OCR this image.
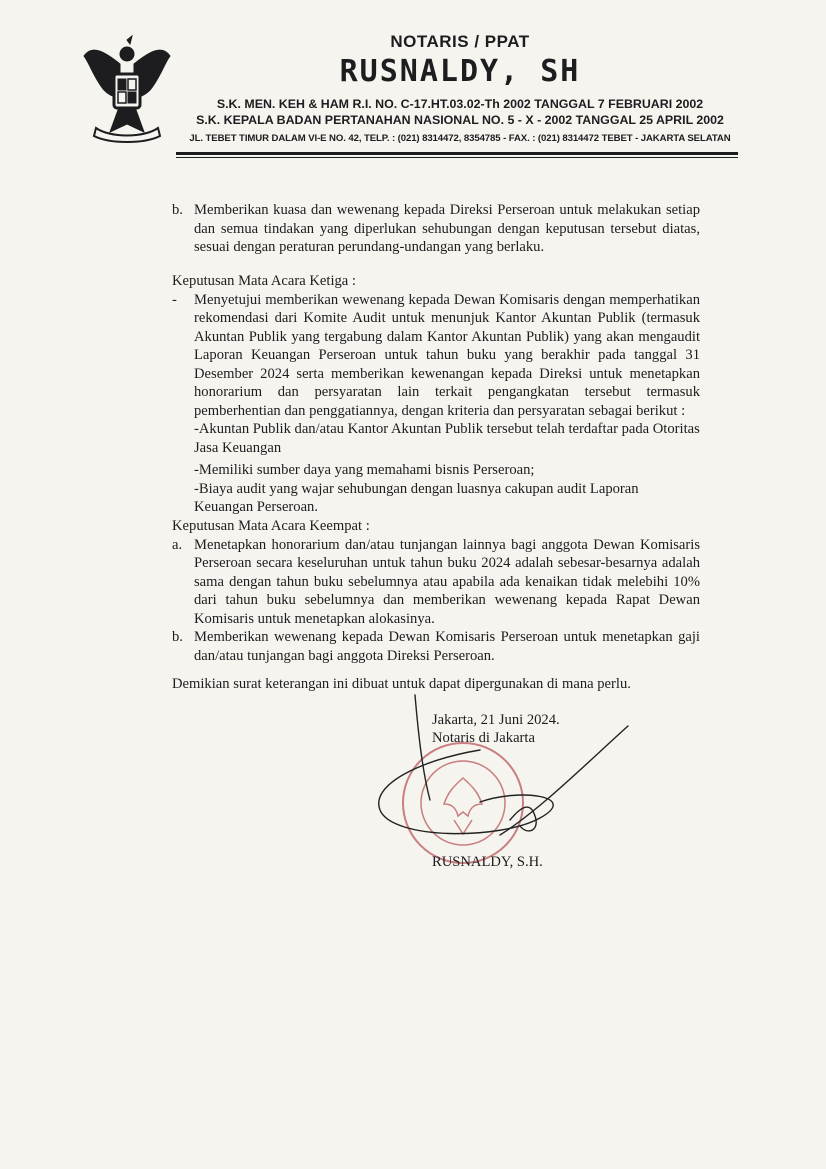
NOTARIS / PPAT
RUSNALDY, SH
S.K. MEN. KEH & HAM R.I. NO. C-17.HT.03.02-Th 2002 TANGGAL 7 FEBRUARI 2002
S.K. KEPALA BADAN PERTANAHAN NASIONAL NO. 5 - X - 2002 TANGGAL 25 APRIL 2002
JL. TEBET TIMUR DALAM VI-E NO. 42, TELP. : (021) 8314472, 8354785 - FAX. : (021) 8314472 TEBET - JAKARTA SELATAN
b. Memberikan kuasa dan wewenang kepada Direksi Perseroan untuk melakukan setiap dan semua tindakan yang diperlukan sehubungan dengan keputusan tersebut diatas, sesuai dengan peraturan perundang-undangan yang berlaku.
Keputusan Mata Acara Ketiga :
- Menyetujui memberikan wewenang kepada Dewan Komisaris dengan memperhatikan rekomendasi dari Komite Audit untuk menunjuk Kantor Akuntan Publik (termasuk Akuntan Publik yang tergabung dalam Kantor Akuntan Publik) yang akan mengaudit Laporan Keuangan Perseroan untuk tahun buku yang berakhir pada tanggal 31 Desember 2024 serta memberikan kewenangan kepada Direksi untuk menetapkan honorarium dan persyaratan lain terkait pengangkatan tersebut termasuk pemberhentian dan penggatiannya, dengan kriteria dan persyaratan sebagai berikut :
-Akuntan Publik dan/atau Kantor Akuntan Publik tersebut telah terdaftar pada Otoritas Jasa Keuangan
-Memiliki sumber daya yang memahami bisnis Perseroan;
-Biaya audit yang wajar sehubungan dengan luasnya cakupan audit Laporan Keuangan Perseroan.
Keputusan Mata Acara Keempat :
a. Menetapkan honorarium dan/atau tunjangan lainnya bagi anggota Dewan Komisaris Perseroan secara keseluruhan untuk tahun buku 2024 adalah sebesar-besarnya adalah sama dengan tahun buku sebelumnya atau apabila ada kenaikan tidak melebihi 10% dari tahun buku sebelumnya dan memberikan wewenang kepada Rapat Dewan Komisaris untuk menetapkan alokasinya.
b. Memberikan wewenang kepada Dewan Komisaris Perseroan untuk menetapkan gaji dan/atau tunjangan bagi anggota Direksi Perseroan.
Demikian surat keterangan ini dibuat untuk dapat dipergunakan di mana perlu.
Jakarta, 21 Juni 2024.
Notaris di Jakarta
RUSNALDY, S.H.
